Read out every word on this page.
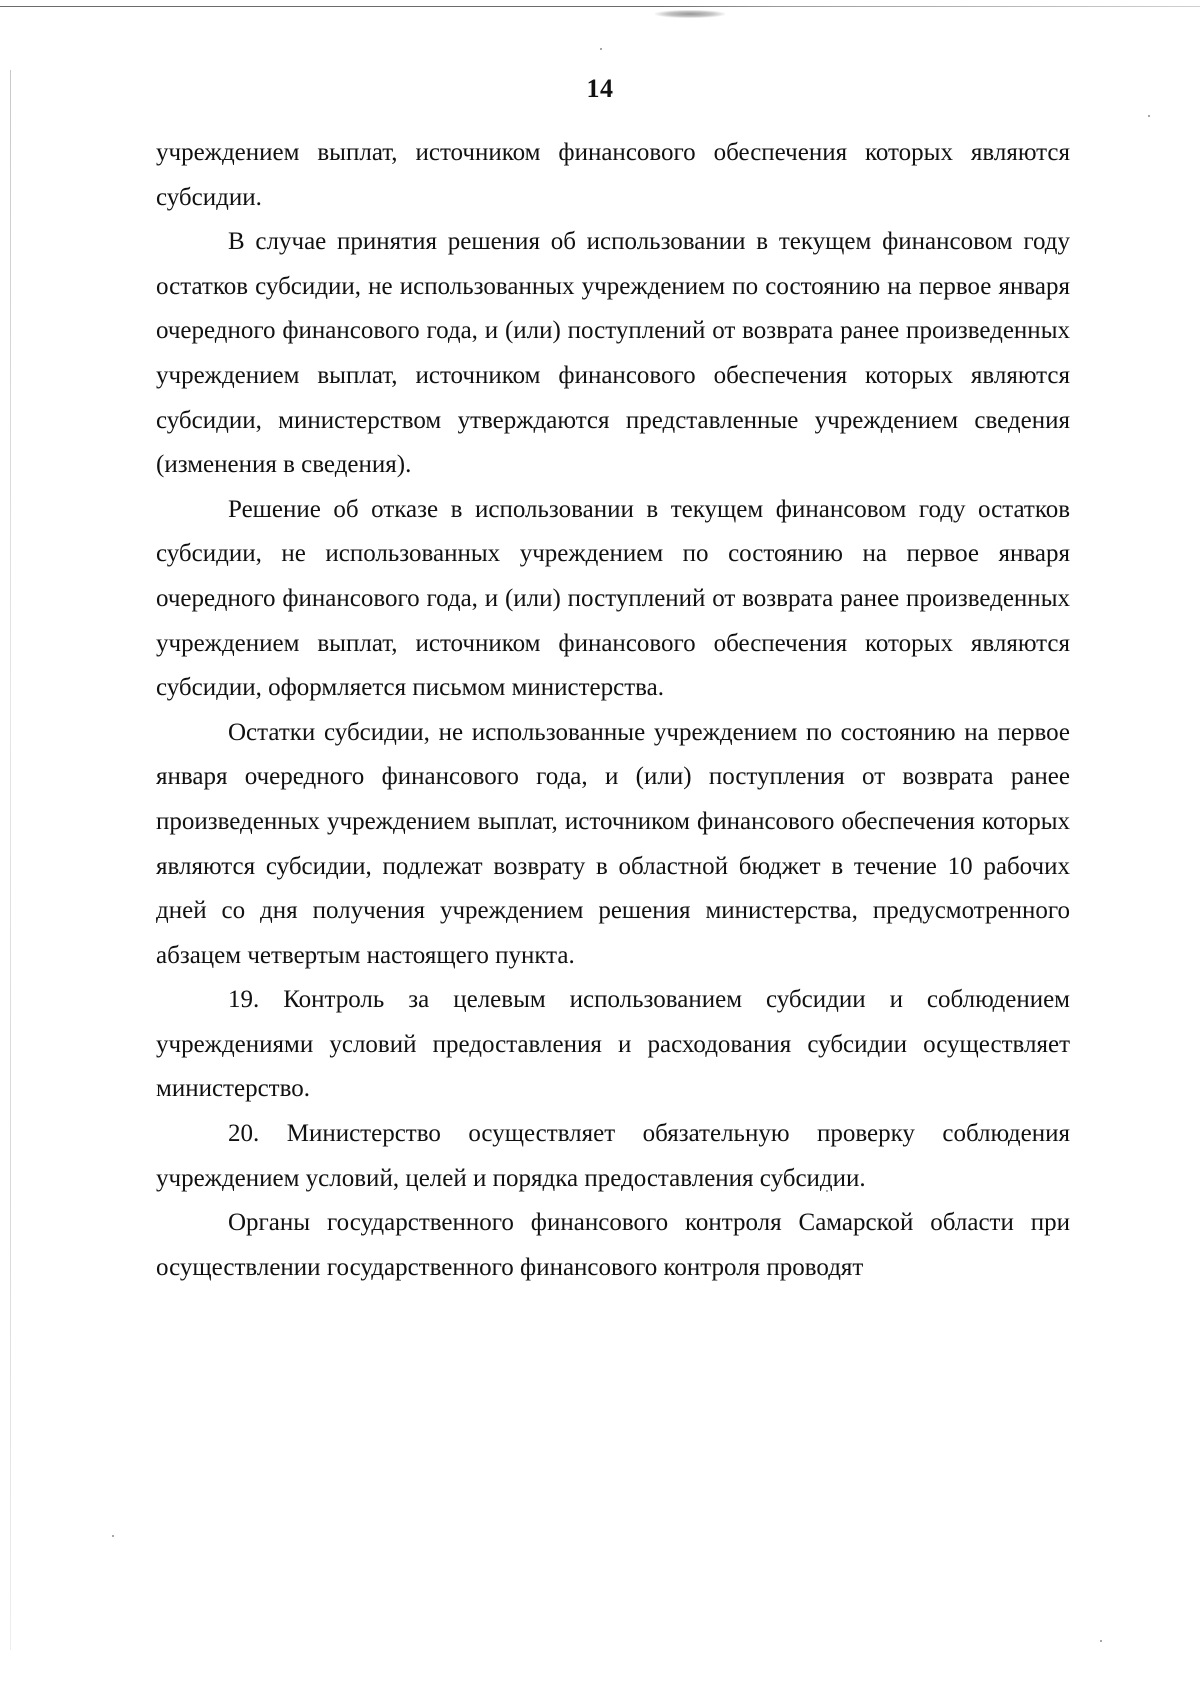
14

учреждением выплат, источником финансового обеспечения которых являются субсидии.

В случае принятия решения об использовании в текущем финансовом году остатков субсидии, не использованных учреждением по состоянию на первое января очередного финансового года, и (или) поступлений от возврата ранее произведенных учреждением выплат, источником финансового обеспечения которых являются субсидии, министерством утверждаются представленные учреждением сведения (изменения в сведения).

Решение об отказе в использовании в текущем финансовом году остатков субсидии, не использованных учреждением по состоянию на первое января очередного финансового года, и (или) поступлений от возврата ранее произведенных учреждением выплат, источником финансового обеспечения которых являются субсидии, оформляется письмом министерства.

Остатки субсидии, не использованные учреждением по состоянию на первое января очередного финансового года, и (или) поступления от возврата ранее произведенных учреждением выплат, источником финансового обеспечения которых являются субсидии, подлежат возврату в областной бюджет в течение 10 рабочих дней со дня получения учреждением решения министерства, предусмотренного абзацем четвертым настоящего пункта.

19. Контроль за целевым использованием субсидии и соблюдением учреждениями условий предоставления и расходования субсидии осуществляет министерство.

20. Министерство осуществляет обязательную проверку соблюдения учреждением условий, целей и порядка предоставления субсидии.

Органы государственного финансового контроля Самарской области при осуществлении государственного финансового контроля проводят
